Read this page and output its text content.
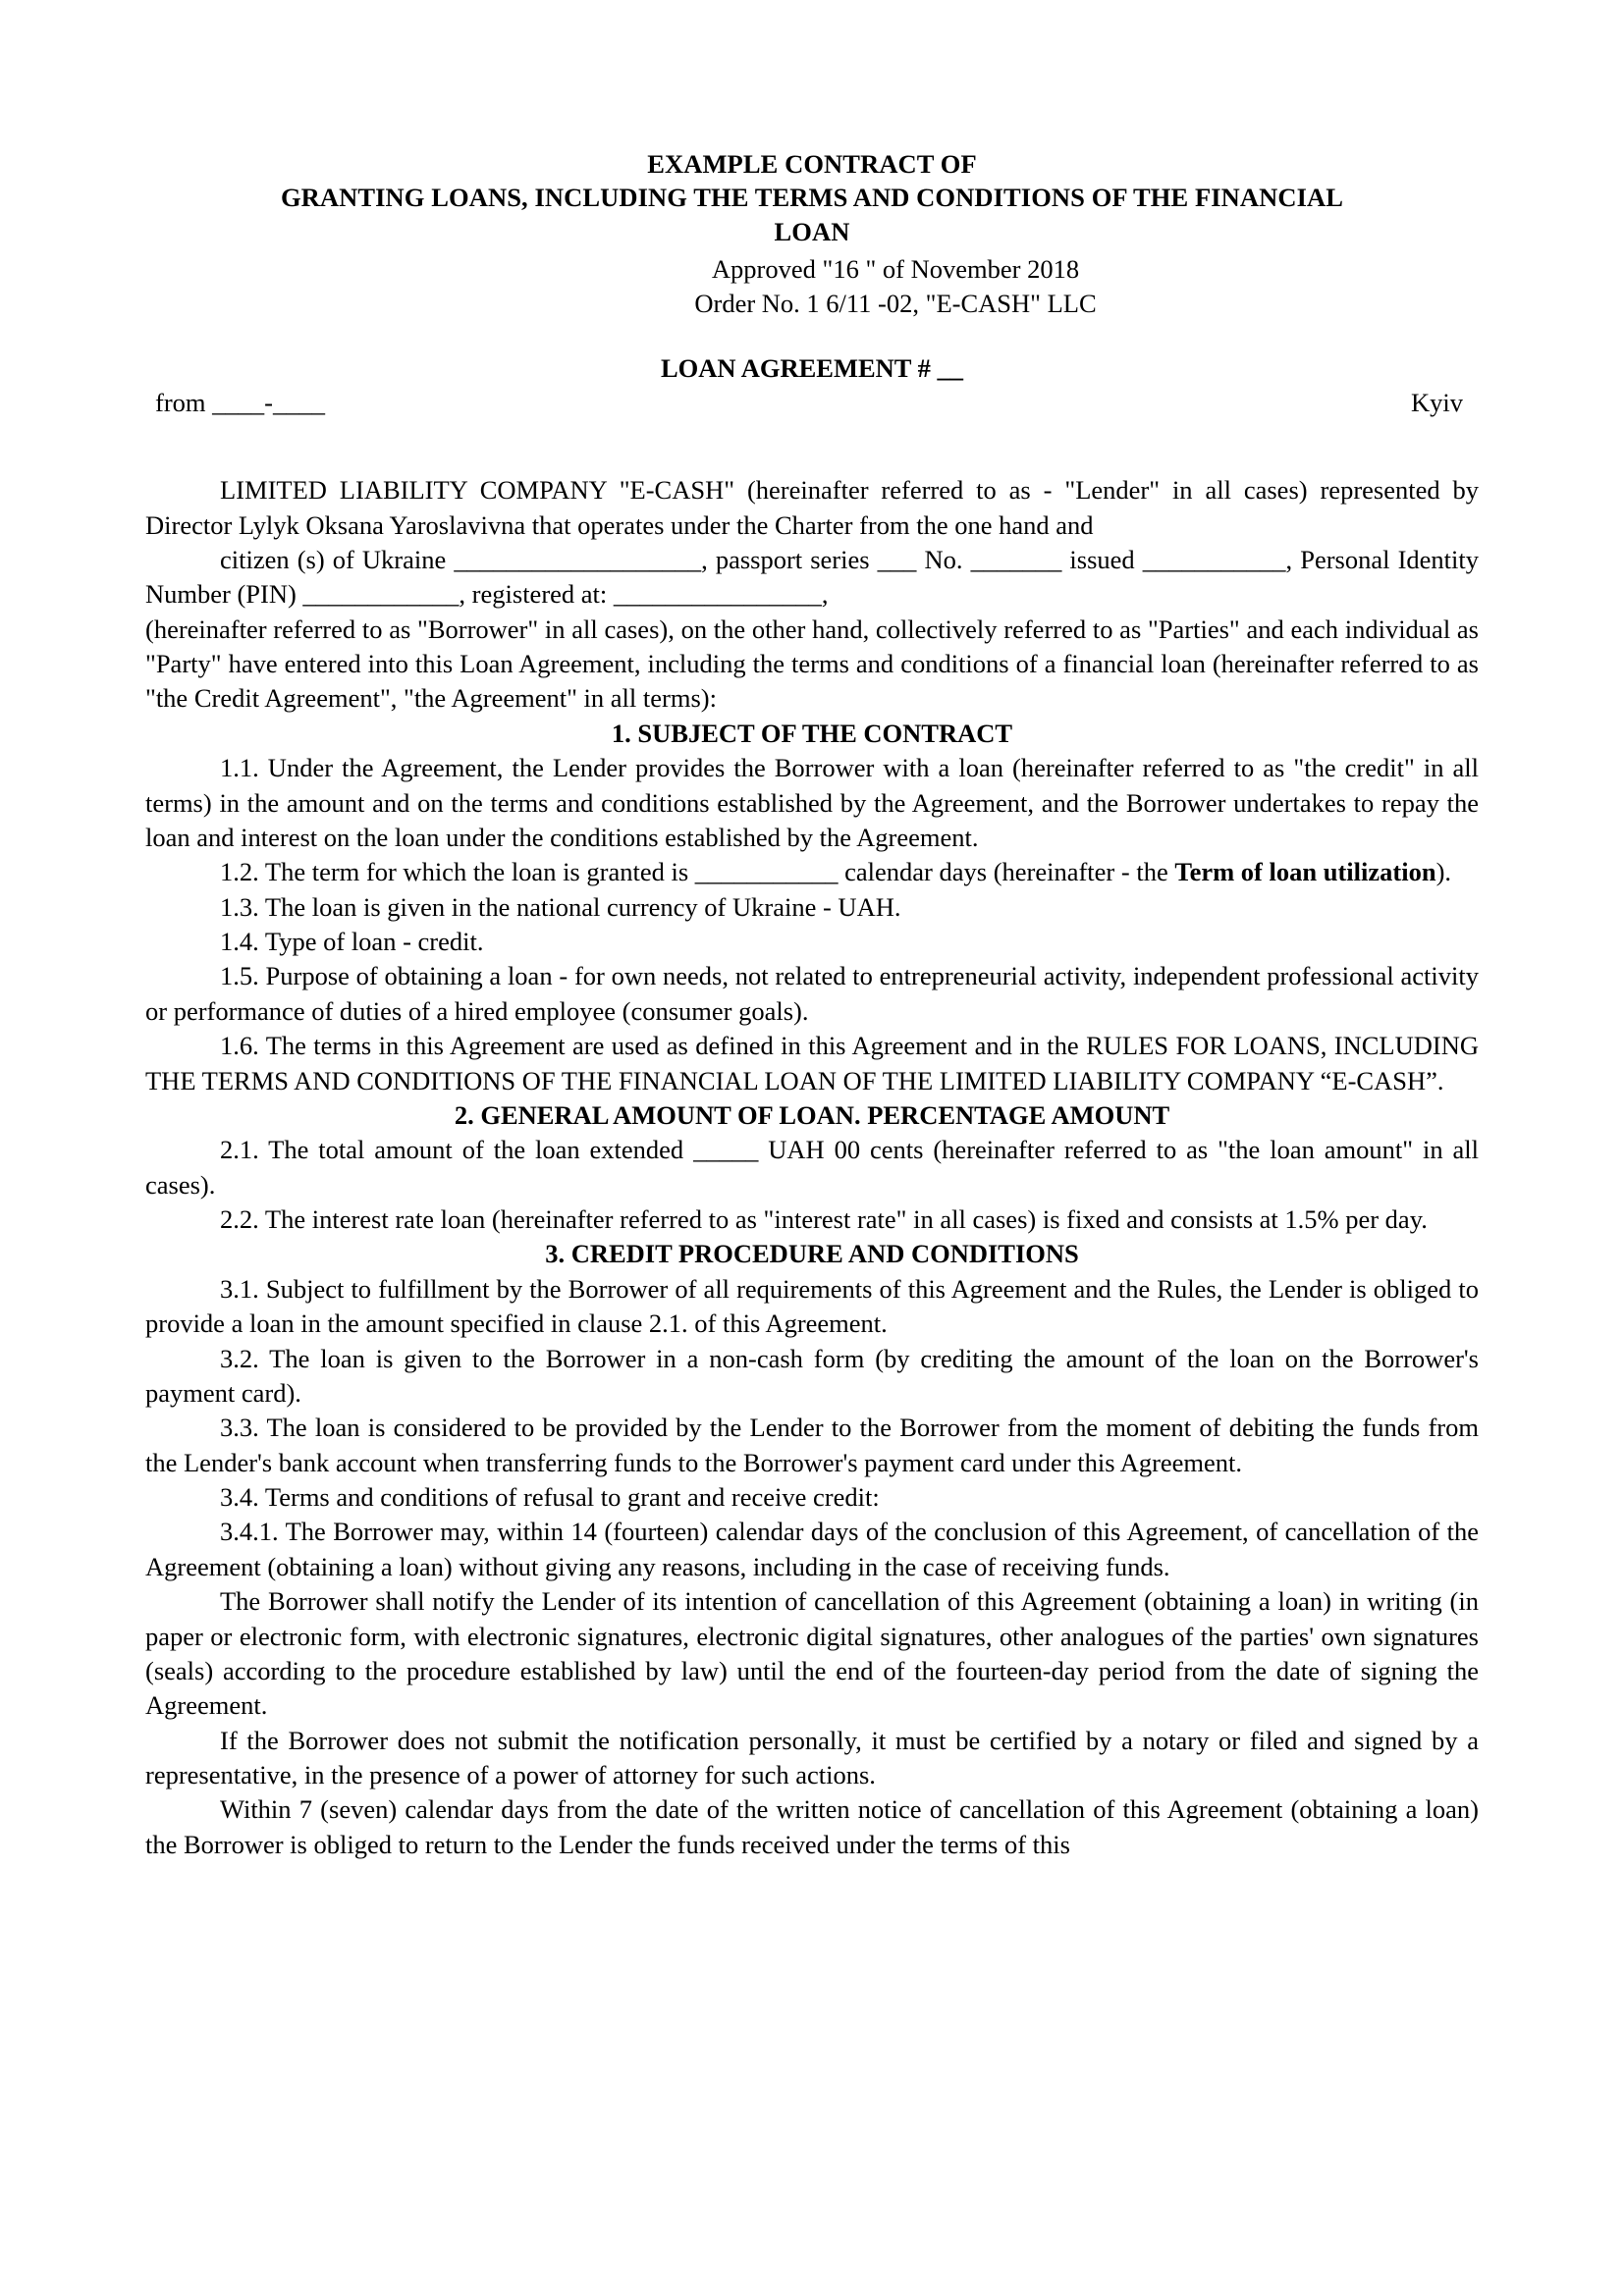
EXAMPLE CONTRACT OF
GRANTING LOANS, INCLUDING THE TERMS AND CONDITIONS OF THE FINANCIAL
LOAN
Approved "16 " of November 2018
Order No. 1 6/11 -02, "E-CASH" LLC
LOAN AGREEMENT # __
from ____-____	Kyiv

LIMITED LIABILITY COMPANY "E-CASH" (hereinafter referred to as - "Lender" in all cases) represented by Director Lylyk Oksana Yaroslavivna that operates under the Charter from the one hand and

citizen (s) of Ukraine ___________________, passport series ___ No. _______ issued ___________, Personal Identity Number (PIN) ____________, registered at: ________________,

(hereinafter referred to as "Borrower" in all cases), on the other hand, collectively referred to as "Parties" and each individual as "Party" have entered into this Loan Agreement, including the terms and conditions of a financial loan (hereinafter referred to as "the Credit Agreement", "the Agreement" in all terms):

1. SUBJECT OF THE CONTRACT

1.1. Under the Agreement, the Lender provides the Borrower with a loan (hereinafter referred to as "the credit" in all terms) in the amount and on the terms and conditions established by the Agreement, and the Borrower undertakes to repay the loan and interest on the loan under the conditions established by the Agreement.

1.2. The term for which the loan is granted is ___________ calendar days (hereinafter - the Term of loan utilization).

1.3. The loan is given in the national currency of Ukraine - UAH.

1.4. Type of loan - credit.

1.5. Purpose of obtaining a loan - for own needs, not related to entrepreneurial activity, independent professional activity or performance of duties of a hired employee (consumer goals).

1.6. The terms in this Agreement are used as defined in this Agreement and in the RULES FOR LOANS, INCLUDING THE TERMS AND CONDITIONS OF THE FINANCIAL LOAN OF THE LIMITED LIABILITY COMPANY “E-CASH”.

2. GENERAL AMOUNT OF LOAN. PERCENTAGE AMOUNT

2.1. The total amount of the loan extended _____ UAH 00 cents (hereinafter referred to as "the loan amount" in all cases).

2.2. The interest rate loan (hereinafter referred to as "interest rate" in all cases) is fixed and consists at 1.5% per day.

3. CREDIT PROCEDURE AND CONDITIONS

3.1. Subject to fulfillment by the Borrower of all requirements of this Agreement and the Rules, the Lender is obliged to provide a loan in the amount specified in clause 2.1. of this Agreement.

3.2. The loan is given to the Borrower in a non-cash form (by crediting the amount of the loan on the Borrower's payment card).

3.3. The loan is considered to be provided by the Lender to the Borrower from the moment of debiting the funds from the Lender's bank account when transferring funds to the Borrower's payment card under this Agreement.

3.4. Terms and conditions of refusal to grant and receive credit:

3.4.1. The Borrower may, within 14 (fourteen) calendar days of the conclusion of this Agreement, of cancellation of the Agreement (obtaining a loan) without giving any reasons, including in the case of receiving funds.

The Borrower shall notify the Lender of its intention of cancellation of this Agreement (obtaining a loan) in writing (in paper or electronic form, with electronic signatures, electronic digital signatures, other analogues of the parties' own signatures (seals) according to the procedure established by law) until the end of the fourteen-day period from the date of signing the Agreement.

If the Borrower does not submit the notification personally, it must be certified by a notary or filed and signed by a representative, in the presence of a power of attorney for such actions.

Within 7 (seven) calendar days from the date of the written notice of cancellation of this Agreement (obtaining a loan) the Borrower is obliged to return to the Lender the funds received under the terms of this
